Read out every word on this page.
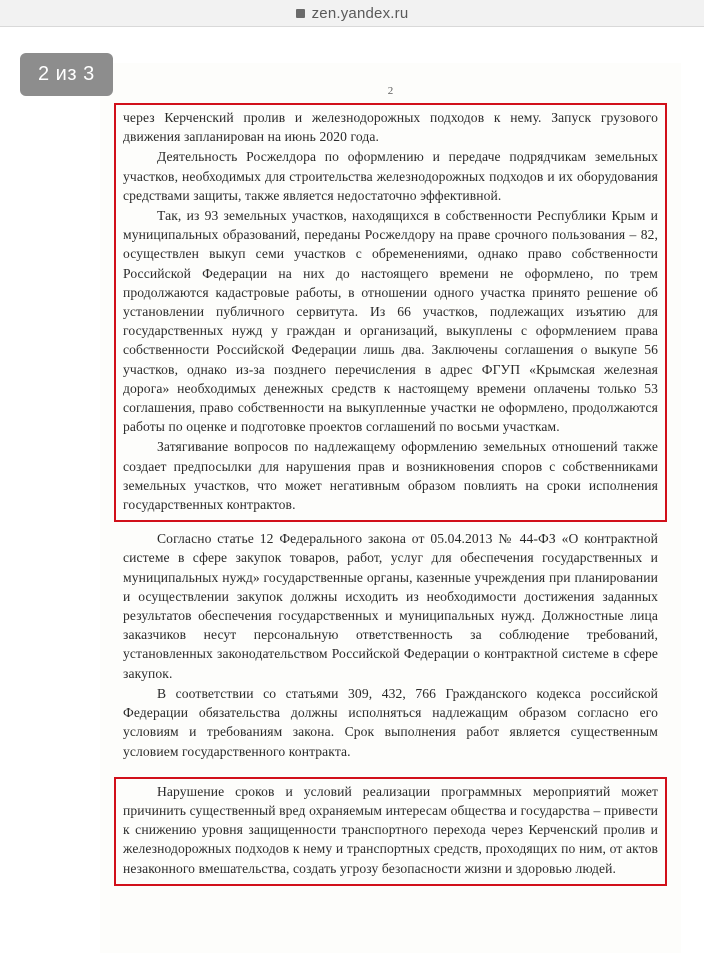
zen.yandex.ru
2 из 3
2

через Керченский пролив и железнодорожных подходов к нему. Запуск грузового движения запланирован на июнь 2020 года.

Деятельность Росжелдора по оформлению и передаче подрядчикам земельных участков, необходимых для строительства железнодорожных подходов и их оборудования средствами защиты, также является недостаточно эффективной.

Так, из 93 земельных участков, находящихся в собственности Республики Крым и муниципальных образований, переданы Росжелдору на праве срочного пользования – 82, осуществлен выкуп семи участков с обременениями, однако право собственности Российской Федерации на них до настоящего времени не оформлено, по трем продолжаются кадастровые работы, в отношении одного участка принято решение об установлении публичного сервитута. Из 66 участков, подлежащих изъятию для государственных нужд у граждан и организаций, выкуплены с оформлением права собственности Российской Федерации лишь два. Заключены соглашения о выкупе 56 участков, однако из-за позднего перечисления в адрес ФГУП «Крымская железная дорога» необходимых денежных средств к настоящему времени оплачены только 53 соглашения, право собственности на выкупленные участки не оформлено, продолжаются работы по оценке и подготовке проектов соглашений по восьми участкам.

Затягивание вопросов по надлежащему оформлению земельных отношений также создает предпосылки для нарушения прав и возникновения споров с собственниками земельных участков, что может негативным образом повлиять на сроки исполнения государственных контрактов.

Согласно статье 12 Федерального закона от 05.04.2013 № 44-ФЗ «О контрактной системе в сфере закупок товаров, работ, услуг для обеспечения государственных и муниципальных нужд» государственные органы, казенные учреждения при планировании и осуществлении закупок должны исходить из необходимости достижения заданных результатов обеспечения государственных и муниципальных нужд. Должностные лица заказчиков несут персональную ответственность за соблюдение требований, установленных законодательством Российской Федерации о контрактной системе в сфере закупок.

В соответствии со статьями 309, 432, 766 Гражданского кодекса российской Федерации обязательства должны исполняться надлежащим образом согласно его условиям и требованиям закона. Срок выполнения работ является существенным условием государственного контракта.

Нарушение сроков и условий реализации программных мероприятий может причинить существенный вред охраняемым интересам общества и государства – привести к снижению уровня защищенности транспортного перехода через Керченский пролив и железнодорожных подходов к нему и транспортных средств, проходящих по ним, от актов незаконного вмешательства, создать угрозу безопасности жизни и здоровью людей.
